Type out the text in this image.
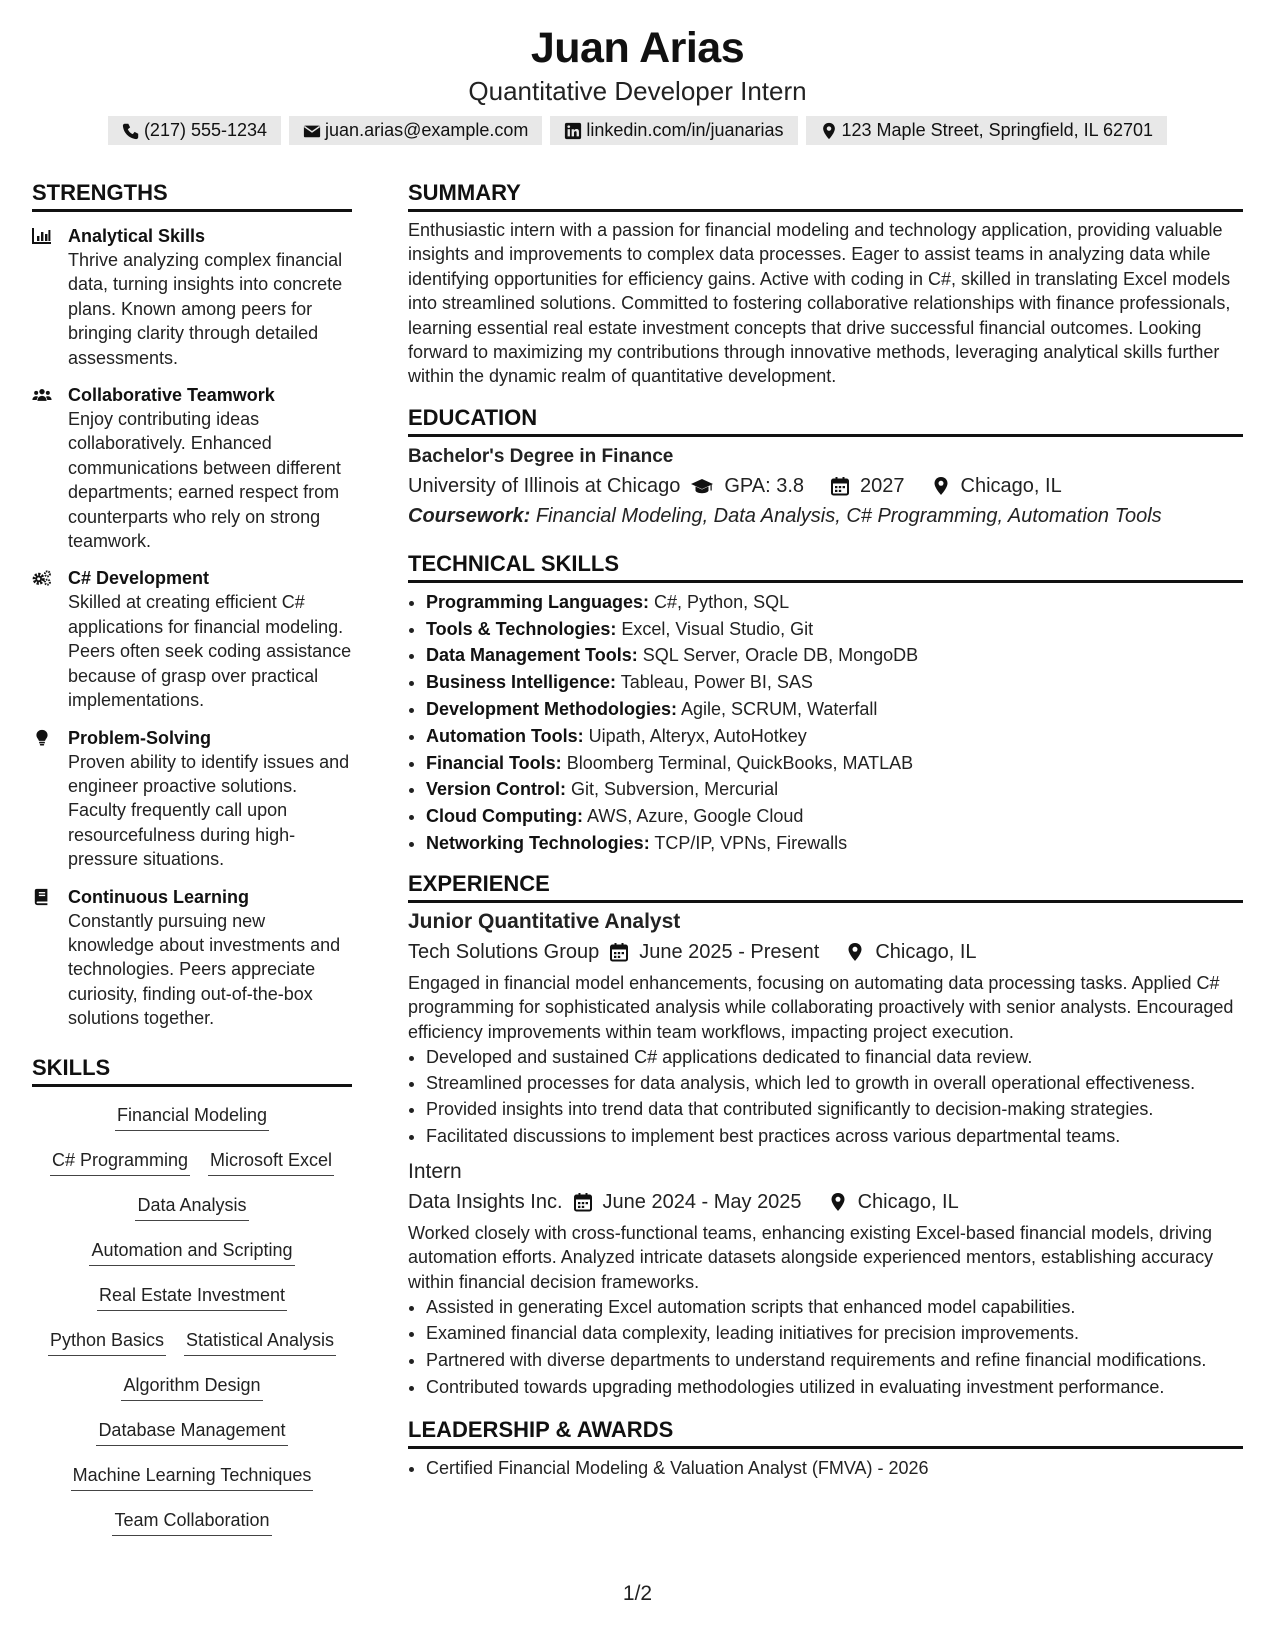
Juan Arias
Quantitative Developer Intern
(217) 555-1234	juan.arias@example.com	linkedin.com/in/juanarias	123 Maple Street, Springfield, IL 62701
STRENGTHS
Analytical Skills
Thrive analyzing complex financial data, turning insights into concrete plans. Known among peers for bringing clarity through detailed assessments.
Collaborative Teamwork
Enjoy contributing ideas collaboratively. Enhanced communications between different departments; earned respect from counterparts who rely on strong teamwork.
C# Development
Skilled at creating efficient C# applications for financial modeling. Peers often seek coding assistance because of grasp over practical implementations.
Problem-Solving
Proven ability to identify issues and engineer proactive solutions. Faculty frequently call upon resourcefulness during high-pressure situations.
Continuous Learning
Constantly pursuing new knowledge about investments and technologies. Peers appreciate curiosity, finding out-of-the-box solutions together.
SKILLS
Financial Modeling
C# Programming Microsoft Excel
Data Analysis
Automation and Scripting
Real Estate Investment
Python Basics Statistical Analysis
Algorithm Design
Database Management
Machine Learning Techniques
Team Collaboration
SUMMARY
Enthusiastic intern with a passion for financial modeling and technology application, providing valuable insights and improvements to complex data processes. Eager to assist teams in analyzing data while identifying opportunities for efficiency gains. Active with coding in C#, skilled in translating Excel models into streamlined solutions. Committed to fostering collaborative relationships with finance professionals, learning essential real estate investment concepts that drive successful financial outcomes. Looking forward to maximizing my contributions through innovative methods, leveraging analytical skills further within the dynamic realm of quantitative development.
EDUCATION
Bachelor's Degree in Finance
University of Illinois at Chicago GPA: 3.8	2027	Chicago, IL
Coursework: Financial Modeling, Data Analysis, C# Programming, Automation Tools
TECHNICAL SKILLS
• Programming Languages: C#, Python, SQL
• Tools & Technologies: Excel, Visual Studio, Git
• Data Management Tools: SQL Server, Oracle DB, MongoDB
• Business Intelligence: Tableau, Power BI, SAS
• Development Methodologies: Agile, SCRUM, Waterfall
• Automation Tools: Uipath, Alteryx, AutoHotkey
• Financial Tools: Bloomberg Terminal, QuickBooks, MATLAB
• Version Control: Git, Subversion, Mercurial
• Cloud Computing: AWS, Azure, Google Cloud
• Networking Technologies: TCP/IP, VPNs, Firewalls
EXPERIENCE
Junior Quantitative Analyst
Tech Solutions Group June 2025 - Present	Chicago, IL
Engaged in financial model enhancements, focusing on automating data processing tasks. Applied C# programming for sophisticated analysis while collaborating proactively with senior analysts. Encouraged efficiency improvements within team workflows, impacting project execution.
• Developed and sustained C# applications dedicated to financial data review.
• Streamlined processes for data analysis, which led to growth in overall operational effectiveness.
• Provided insights into trend data that contributed significantly to decision-making strategies.
• Facilitated discussions to implement best practices across various departmental teams.
Intern
Data Insights Inc. June 2024 - May 2025	Chicago, IL
Worked closely with cross-functional teams, enhancing existing Excel-based financial models, driving automation efforts. Analyzed intricate datasets alongside experienced mentors, establishing accuracy within financial decision frameworks.
• Assisted in generating Excel automation scripts that enhanced model capabilities.
• Examined financial data complexity, leading initiatives for precision improvements.
• Partnered with diverse departments to understand requirements and refine financial modifications.
• Contributed towards upgrading methodologies utilized in evaluating investment performance.
LEADERSHIP & AWARDS
• Certified Financial Modeling & Valuation Analyst (FMVA) - 2026
1/2
